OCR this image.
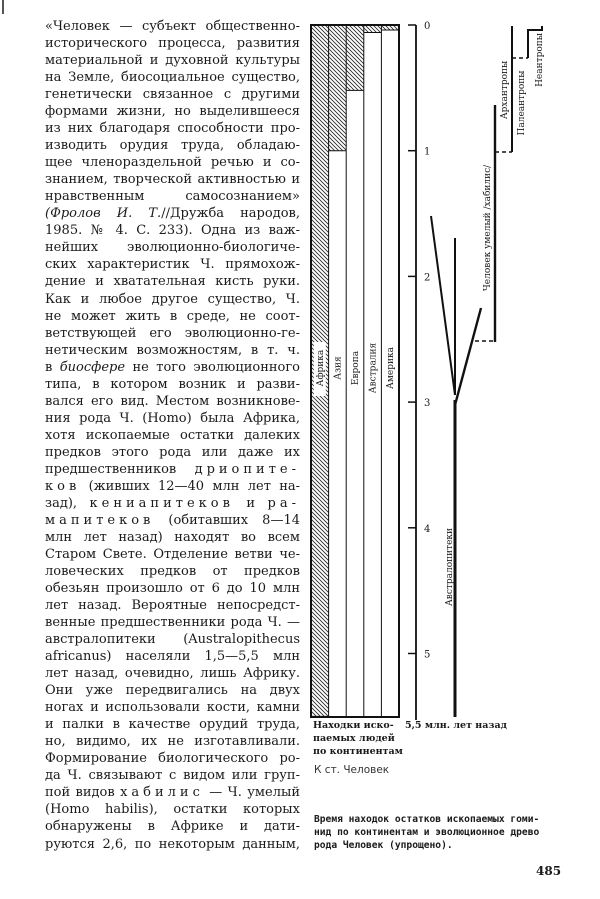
«Человек — субъект общественно-
исторического процесса, развития
материальной и духовной культуры
на Земле, биосоциальное существо,
генетически связанное с другими
формами жизни, но выделившееся
из них благодаря способности про-
изводить орудия труда, обладаю-
щее членораздельной речью и со-
знанием, творческой активностью и
нравственным самосознанием»
(Фролов И. Т.//Дружба народов,
1985. № 4. С. 233). Одна из важ-
нейших эволюционно-биологиче-
ских характеристик Ч. прямохож-
дение и хватательная кисть руки.
Как и любое другое существо, Ч.
не может жить в среде, не соот-
ветствующей его эволюционно-ге-
нетическим возможностям, в т. ч.
в биосфере не того эволюционного
типа, в котором возник и разви-
вался его вид. Местом возникнове-
ния рода Ч. (Homo) была Африка,
хотя ископаемые остатки далеких
предков этого рода или даже их
предшественников дриопите-
ков (живших 12—40 млн лет на-
зад), кениапитеков и ра-
мапитеков (обитавших 8—14
млн лет назад) находят во всем
Старом Свете. Отделение ветви че-
ловеческих предков от предков
обезьян произошло от 6 до 10 млн
лет назад. Вероятные непосредст-
венные предшественники рода Ч. —
австралопитеки (Australopithecus
africanus) населяли 1,5—5,5 млн
лет назад, очевидно, лишь Африку.
Они уже передвигались на двух
ногах и использовали кости, камни
и палки в качестве орудий труда,
но, видимо, их не изготавливали.
Формирование биологического ро-
да Ч. связывают с видом или груп-
пой видов хабилис — Ч. умелый
(Homo habilis), остатки которых
обнаружены в Африке и дати-
руются 2,6, по некоторым данным,
Африка Азия Европа Австралия Америка
0
1
2
3
4
5
Австралопитеки
Человек умелый /хабилис/
Архантропы Палеантропы
Неантропы
Находки иско-
паемых людей
по континентам
5,5 млн. лет назад
К ст. Человек
Время находок остатков ископаемых гоми-
нид по континентам и эволюционное древо
рода Человек (упрощено).
485
